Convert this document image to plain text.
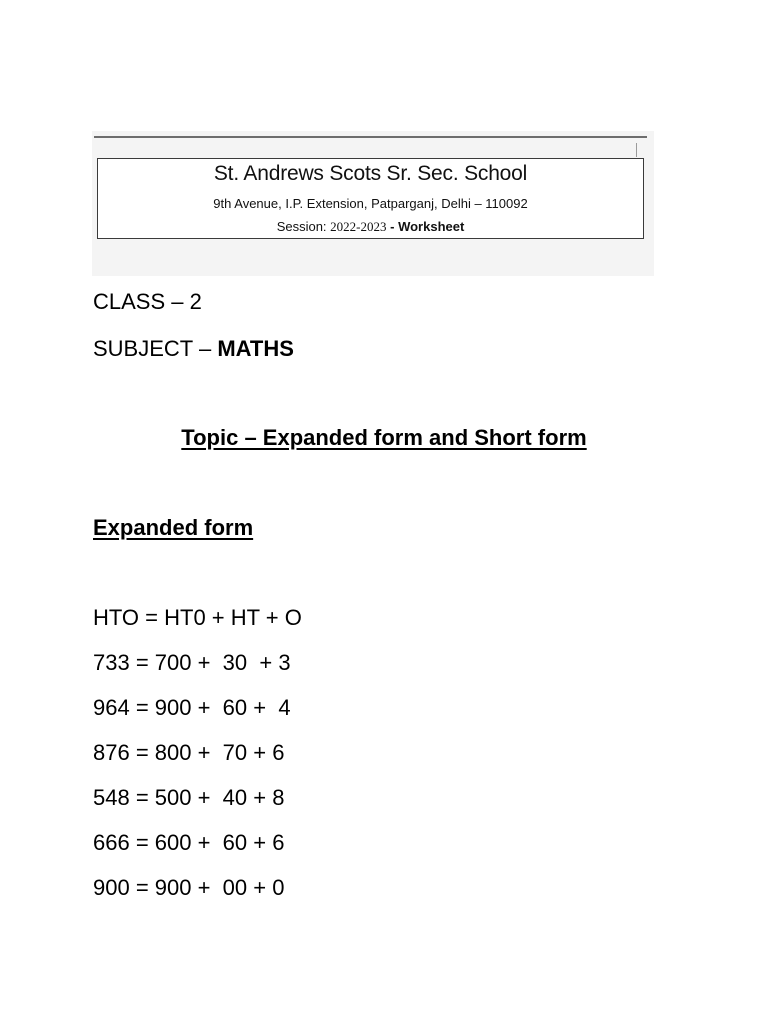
St. Andrews Scots Sr. Sec. School
9th Avenue, I.P. Extension, Patparganj, Delhi – 110092
Session: 2022-2023 - Worksheet
CLASS – 2
SUBJECT – MATHS
Topic – Expanded form and Short form
Expanded form
HTO = HT0 + HT + O
733 = 700 +  30  + 3
964 = 900 +  60 +  4
876 = 800 +  70 + 6
548 = 500 +  40 + 8
666 = 600 +  60 + 6
900 = 900 +  00 + 0
